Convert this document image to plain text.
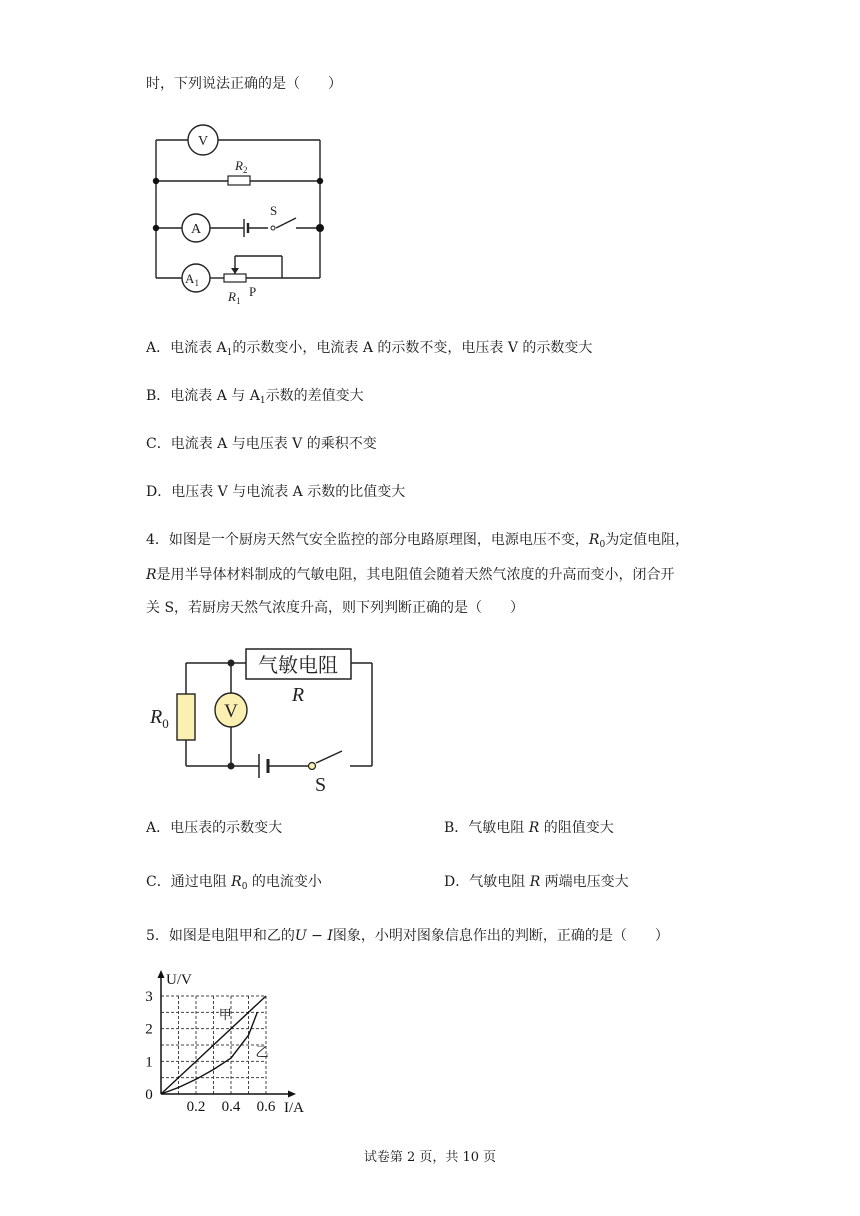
时，下列说法正确的是（　　）
V
$R_2$
A
S
$A_1$
$R_1$
P
A．电流表 $A_1$的示数变小，电流表 A 的示数不变，电压表 V 的示数变大
B．电流表 A 与 $A_1$示数的差值变大
C．电流表 A 与电压表 V 的乘积不变
D．电压表 V 与电流表 A 示数的比值变大
4．如图是一个厨房天然气安全监控的部分电路原理图，电源电压不变，$R_0$为定值电阻，
R是用半导体材料制成的气敏电阻，其电阻值会随着天然气浓度的升高而变小，闭合开
关 S，若厨房天然气浓度升高，则下列判断正确的是（　　）
$R_0$
V
气敏电阻
R
S
A．电压表的示数变大	B．气敏电阻 R 的阻值变大
C．通过电阻 $R_0$ 的电流变小	D．气敏电阻 R 两端电压变大
5．如图是电阻甲和乙的U − I图象，小明对图象信息作出的判断，正确的是（　　）
甲
乙
0
1
2
3
0.2 0.4 0.6 I/A
U/V
试卷第 2 页，共 10 页
